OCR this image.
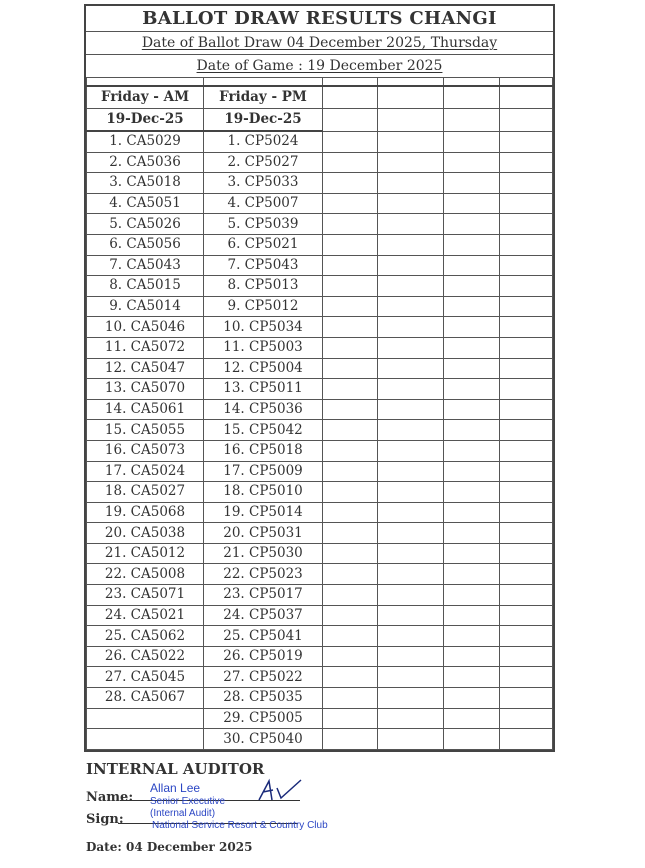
BALLOT DRAW RESULTS CHANGI
Date of Ballot Draw 04 December 2025, Thursday
Date of Game : 19 December 2025

Friday - AM	Friday - PM				
19-Dec-25	19-Dec-25				
1. CA5029	1. CP5024				
2. CA5036	2. CP5027				
3. CA5018	3. CP5033				
4. CA5051	4. CP5007				
5. CA5026	5. CP5039				
6. CA5056	6. CP5021				
7. CA5043	7. CP5043				
8. CA5015	8. CP5013				
9. CA5014	9. CP5012				
10. CA5046	10. CP5034				
11. CA5072	11. CP5003				
12. CA5047	12. CP5004				
13. CA5070	13. CP5011				
14. CA5061	14. CP5036				
15. CA5055	15. CP5042				
16. CA5073	16. CP5018				
17. CA5024	17. CP5009				
18. CA5027	18. CP5010				
19. CA5068	19. CP5014				
20. CA5038	20. CP5031				
21. CA5012	21. CP5030				
22. CA5008	22. CP5023				
23. CA5071	23. CP5017				
24. CA5021	24. CP5037				
25. CA5062	25. CP5041				
26. CA5022	26. CP5019				
27. CA5045	27. CP5022				
28. CA5067	28. CP5035				
	29. CP5005				
	30. CP5040				
INTERNAL AUDITOR
Name:
Sign:
Date: 04 December 2025
Allan Lee
Senior Executive
(Internal Audit)
National Service Resort & Country Club
